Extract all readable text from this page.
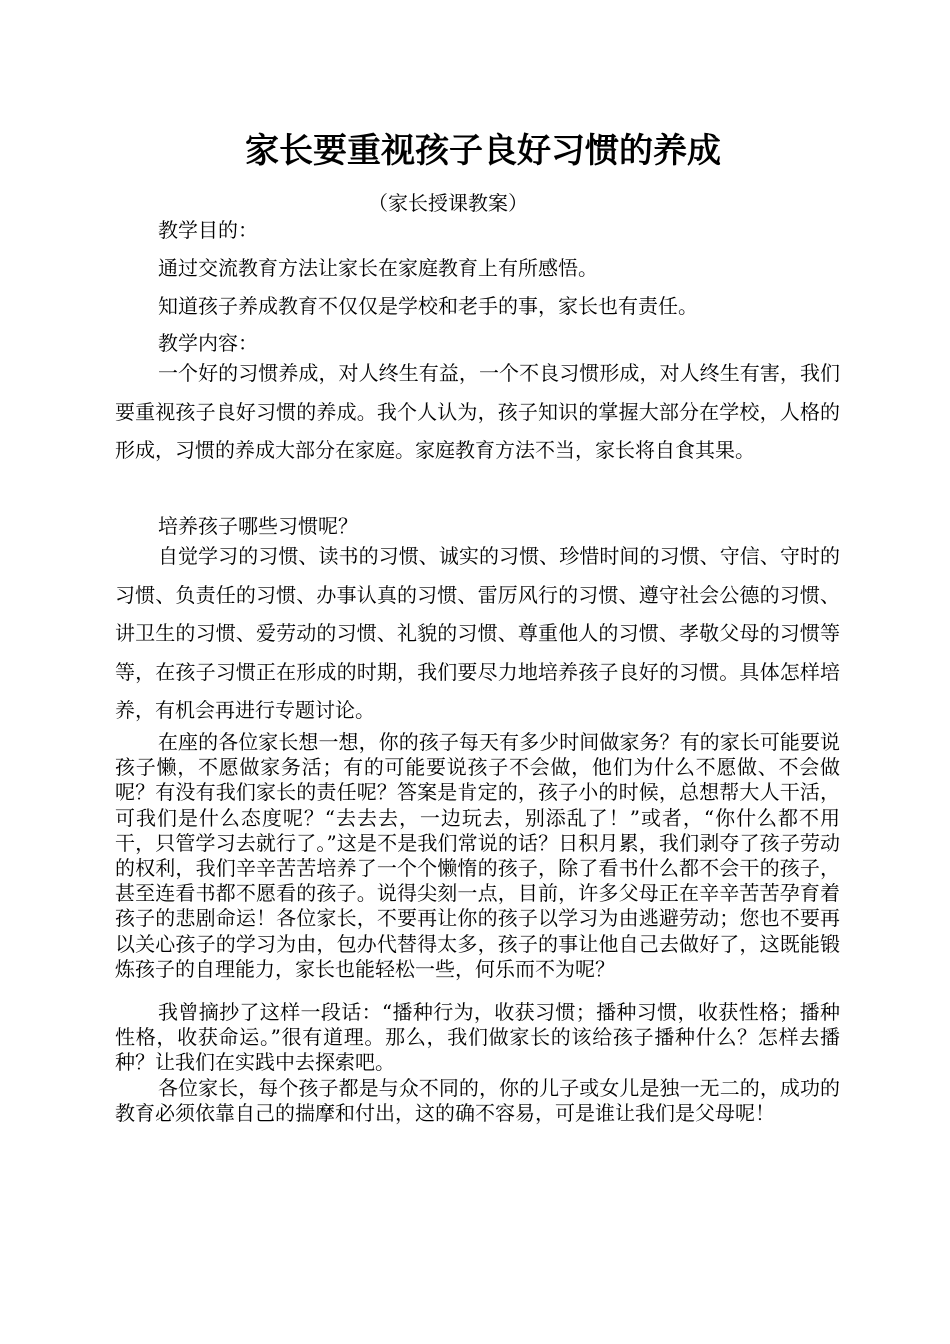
家长要重视孩子良好习惯的养成

（家长授课教案）

教学目的：

通过交流教育方法让家长在家庭教育上有所感悟。

知道孩子养成教育不仅仅是学校和老手的事，家长也有责任。

教学内容：

一个好的习惯养成，对人终生有益，一个不良习惯形成，对人终生有害，我们要重视孩子良好习惯的养成。我个人认为，孩子知识的掌握大部分在学校，人格的形成，习惯的养成大部分在家庭。家庭教育方法不当，家长将自食其果。

培养孩子哪些习惯呢？

自觉学习的习惯、读书的习惯、诚实的习惯、珍惜时间的习惯、守信、守时的习惯、负责任的习惯、办事认真的习惯、雷厉风行的习惯、遵守社会公德的习惯、讲卫生的习惯、爱劳动的习惯、礼貌的习惯、尊重他人的习惯、孝敬父母的习惯等等，在孩子习惯正在形成的时期，我们要尽力地培养孩子良好的习惯。具体怎样培养，有机会再进行专题讨论。

在座的各位家长想一想，你的孩子每天有多少时间做家务？有的家长可能要说孩子懒，不愿做家务活；有的可能要说孩子不会做，他们为什么不愿做、不会做呢？有没有我们家长的责任呢？答案是肯定的，孩子小的时候，总想帮大人干活，可我们是什么态度呢？“去去去，一边玩去，别添乱了！”或者，“你什么都不用干，只管学习去就行了。”这是不是我们常说的话？日积月累，我们剥夺了孩子劳动的权利，我们辛辛苦苦培养了一个个懒惰的孩子，除了看书什么都不会干的孩子，甚至连看书都不愿看的孩子。说得尖刻一点，目前，许多父母正在辛辛苦苦孕育着孩子的悲剧命运！各位家长，不要再让你的孩子以学习为由逃避劳动；您也不要再以关心孩子的学习为由，包办代替得太多，孩子的事让他自己去做好了，这既能锻炼孩子的自理能力，家长也能轻松一些，何乐而不为呢？

我曾摘抄了这样一段话：“播种行为，收获习惯；播种习惯，收获性格；播种性格，收获命运。”很有道理。那么，我们做家长的该给孩子播种什么？怎样去播种？让我们在实践中去探索吧。

各位家长，每个孩子都是与众不同的，你的儿子或女儿是独一无二的，成功的教育必须依靠自己的揣摩和付出，这的确不容易，可是谁让我们是父母呢！
